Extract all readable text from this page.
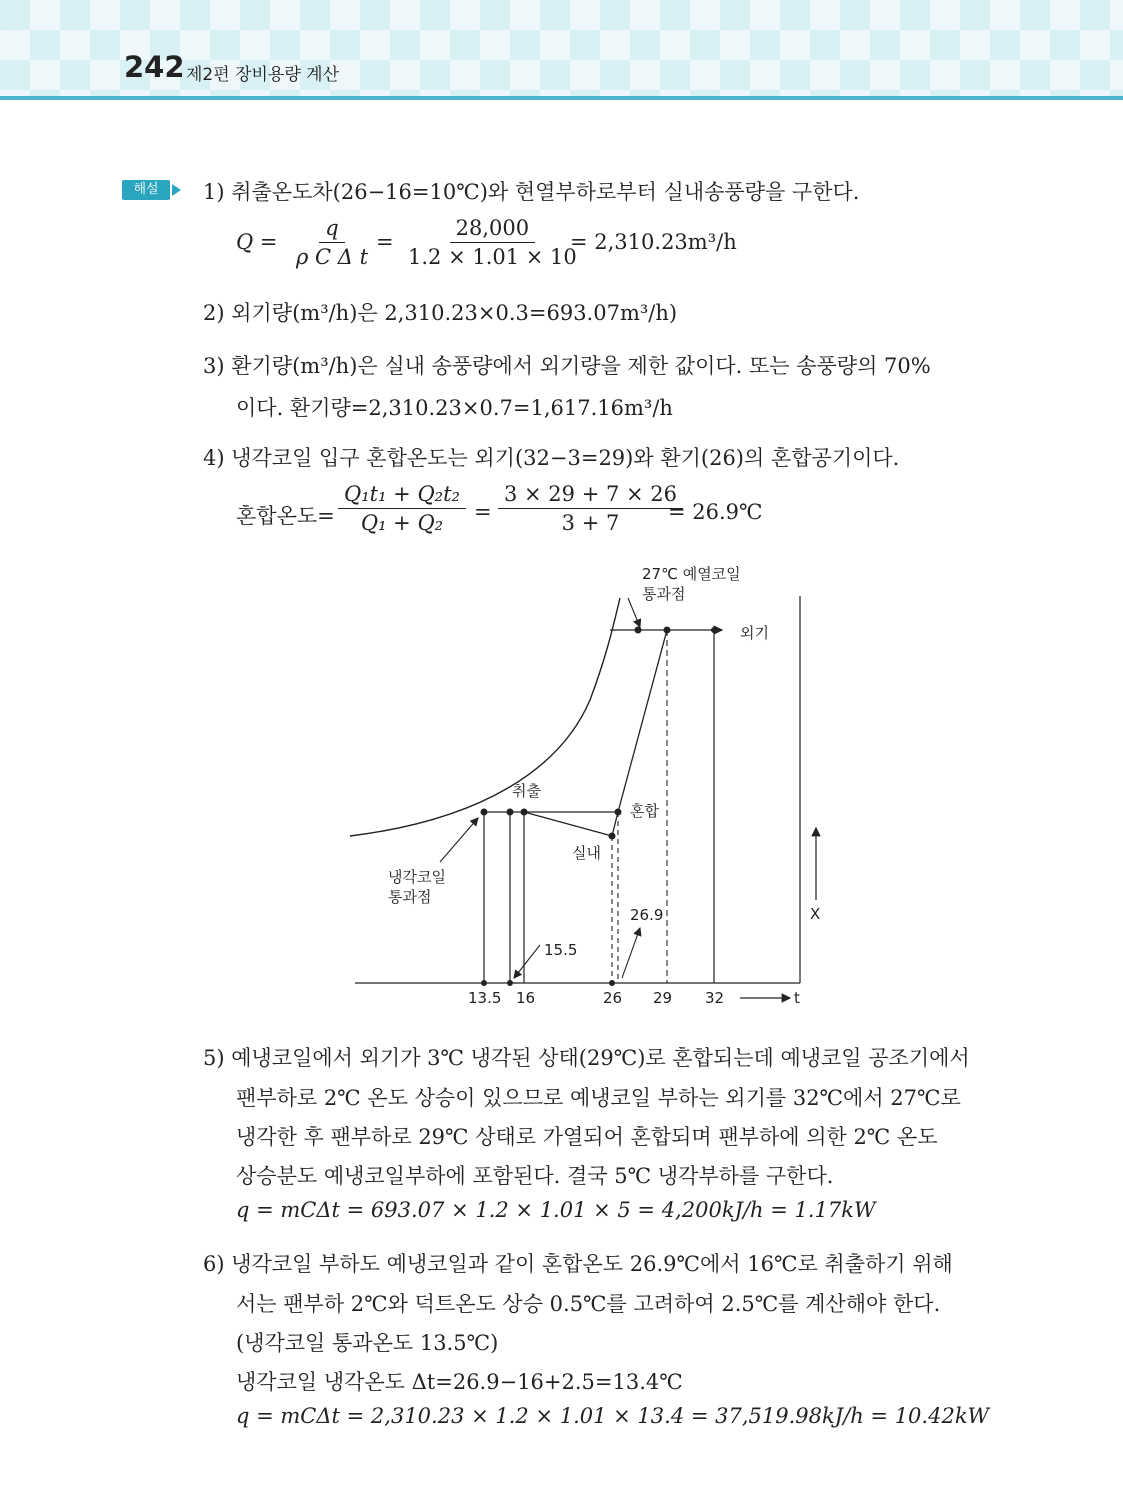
242 제2편 장비용량 계산
해설	1) 취출온도차(26−16=10℃)와 현열부하로부터 실내송풍량을 구한다.
$Q = \frac{q}{\text{ρ C Δ t}} = \frac{28,000}{1.2 \times 1.01 \times 10}$
= 2,310.23m³/h
2) 외기량(m³/h)은 2,310.23×0.3=693.07m³/h)
3) 환기량(m³/h)은 실내 송풍량에서 외기량을 제한 값이다. 또는 송풍량의 70%
이다. 환기량=2,310.23×0.7=1,617.16m³/h
4) 냉각코일 입구 혼합온도는 외기(32−3=29)와 환기(26)의 혼합공기이다.
혼합온도= $\frac{\text{Q₁t₁ + Q₂t₂}}{\text{Q₁ + Q₂}} = \frac{3 \times 29 + 7 \times 26}{3 + 7}$
= 26.9℃
27℃ 예열코일
통과점
외기
취출
혼합
실내
냉각코일
통과점
26.9
15.5
X
13.5 16	26 29 32	t
5) 예냉코일에서 외기가 3℃ 냉각된 상태(29℃)로 혼합되는데 예냉코일 공조기에서
팬부하로 2℃ 온도 상승이 있으므로 예냉코일 부하는 외기를 32℃에서 27℃로
냉각한 후 팬부하로 29℃ 상태로 가열되어 혼합되며 팬부하에 의한 2℃ 온도
상승분도 예냉코일부하에 포함된다. 결국 5℃ 냉각부하를 구한다.
q = mCΔt = 693.07 × 1.2 × 1.01 × 5 = 4,200kJ/h = 1.17kW
6) 냉각코일 부하도 예냉코일과 같이 혼합온도 26.9℃에서 16℃로 취출하기 위해
서는 팬부하 2℃와 덕트온도 상승 0.5℃를 고려하여 2.5℃를 계산해야 한다.
(냉각코일 통과온도 13.5℃)
냉각코일 냉각온도 Δt=26.9−16+2.5=13.4℃
q = mCΔt = 2,310.23 × 1.2 × 1.01 × 13.4 = 37,519.98kJ/h = 10.42kW
